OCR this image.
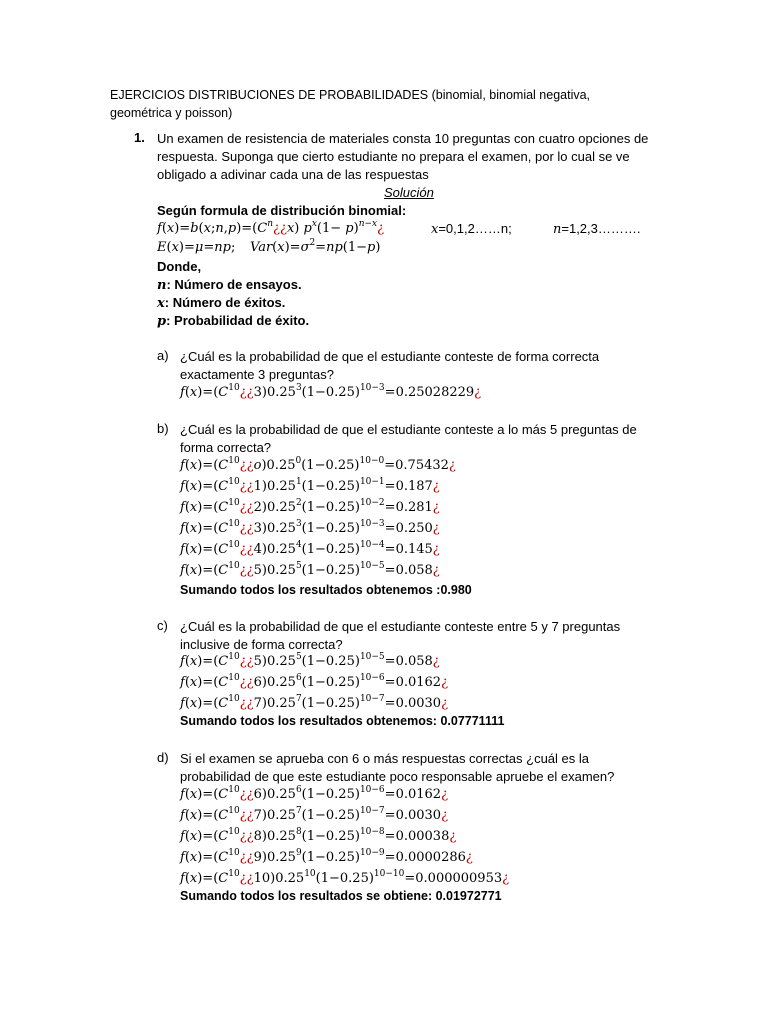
EJERCICIOS DISTRIBUCIONES DE PROBABILIDADES (binomial, binomial negativa, geométrica y poisson)
1. Un examen de resistencia de materiales consta 10 preguntas con cuatro opciones de respuesta. Suponga que cierto estudiante no prepara el examen, por lo cual se ve obligado a adivinar cada una de las respuestas
Solución
Según formula de distribución binomial:
$f(x)=b(x;n,p)=(C^n¿¿x)$ $p^x(1-$ $p)^{n-x}¿$	x=0,1,2……n;	n=1,2,3……….
E(x)=μ=np; $Var(x)=\sigma^2=np(1-p)$
Donde,
n: Número de ensayos.
x: Número de éxitos.
p: Probabilidad de éxito.
a) ¿Cuál es la probabilidad de que el estudiante conteste de forma correcta exactamente 3 preguntas?
$f(x)=(C^{10}¿¿3)0.25^3(1-0.25)^{10-3}=0.25028229¿$
b) ¿Cuál es la probabilidad de que el estudiante conteste a lo más 5 preguntas de forma correcta?
$f(x)=(C^{10}¿¿o)0.25^0(1-0.25)^{10-0}=0.75432¿$
$f(x)=(C^{10}¿¿1)0.25^1(1-0.25)^{10-1}=0.187¿$
$f(x)=(C^{10}¿¿2)0.25^2(1-0.25)^{10-2}=0.281¿$
$f(x)=(C^{10}¿¿3)0.25^3(1-0.25)^{10-3}=0.250¿$
$f(x)=(C^{10}¿¿4)0.25^4(1-0.25)^{10-4}=0.145¿$
$f(x)=(C^{10}¿¿5)0.25^5(1-0.25)^{10-5}=0.058¿$
Sumando todos los resultados obtenemos :0.980
c) ¿Cuál es la probabilidad de que el estudiante conteste entre 5 y 7 preguntas inclusive de forma correcta?
$f(x)=(C^{10}¿¿5)0.25^5(1-0.25)^{10-5}=0.058¿$
$f(x)=(C^{10}¿¿6)0.25^6(1-0.25)^{10-6}=0.0162¿$
$f(x)=(C^{10}¿¿7)0.25^7(1-0.25)^{10-7}=0.0030¿$
Sumando todos los resultados obtenemos: 0.07771111
d) Si el examen se aprueba con 6 o más respuestas correctas ¿cuál es la probabilidad de que este estudiante poco responsable apruebe el examen?
$f(x)=(C^{10}¿¿6)0.25^6(1-0.25)^{10-6}=0.0162¿$
$f(x)=(C^{10}¿¿7)0.25^7(1-0.25)^{10-7}=0.0030¿$
$f(x)=(C^{10}¿¿8)0.25^8(1-0.25)^{10-8}=0.00038¿$
$f(x)=(C^{10}¿¿9)0.25^9(1-0.25)^{10-9}=0.0000286¿$
$f(x)=(C^{10}¿¿10)0.25^{10}(1-0.25)^{10-10}=0.000000953¿$
Sumando todos los resultados se obtiene: 0.01972771
